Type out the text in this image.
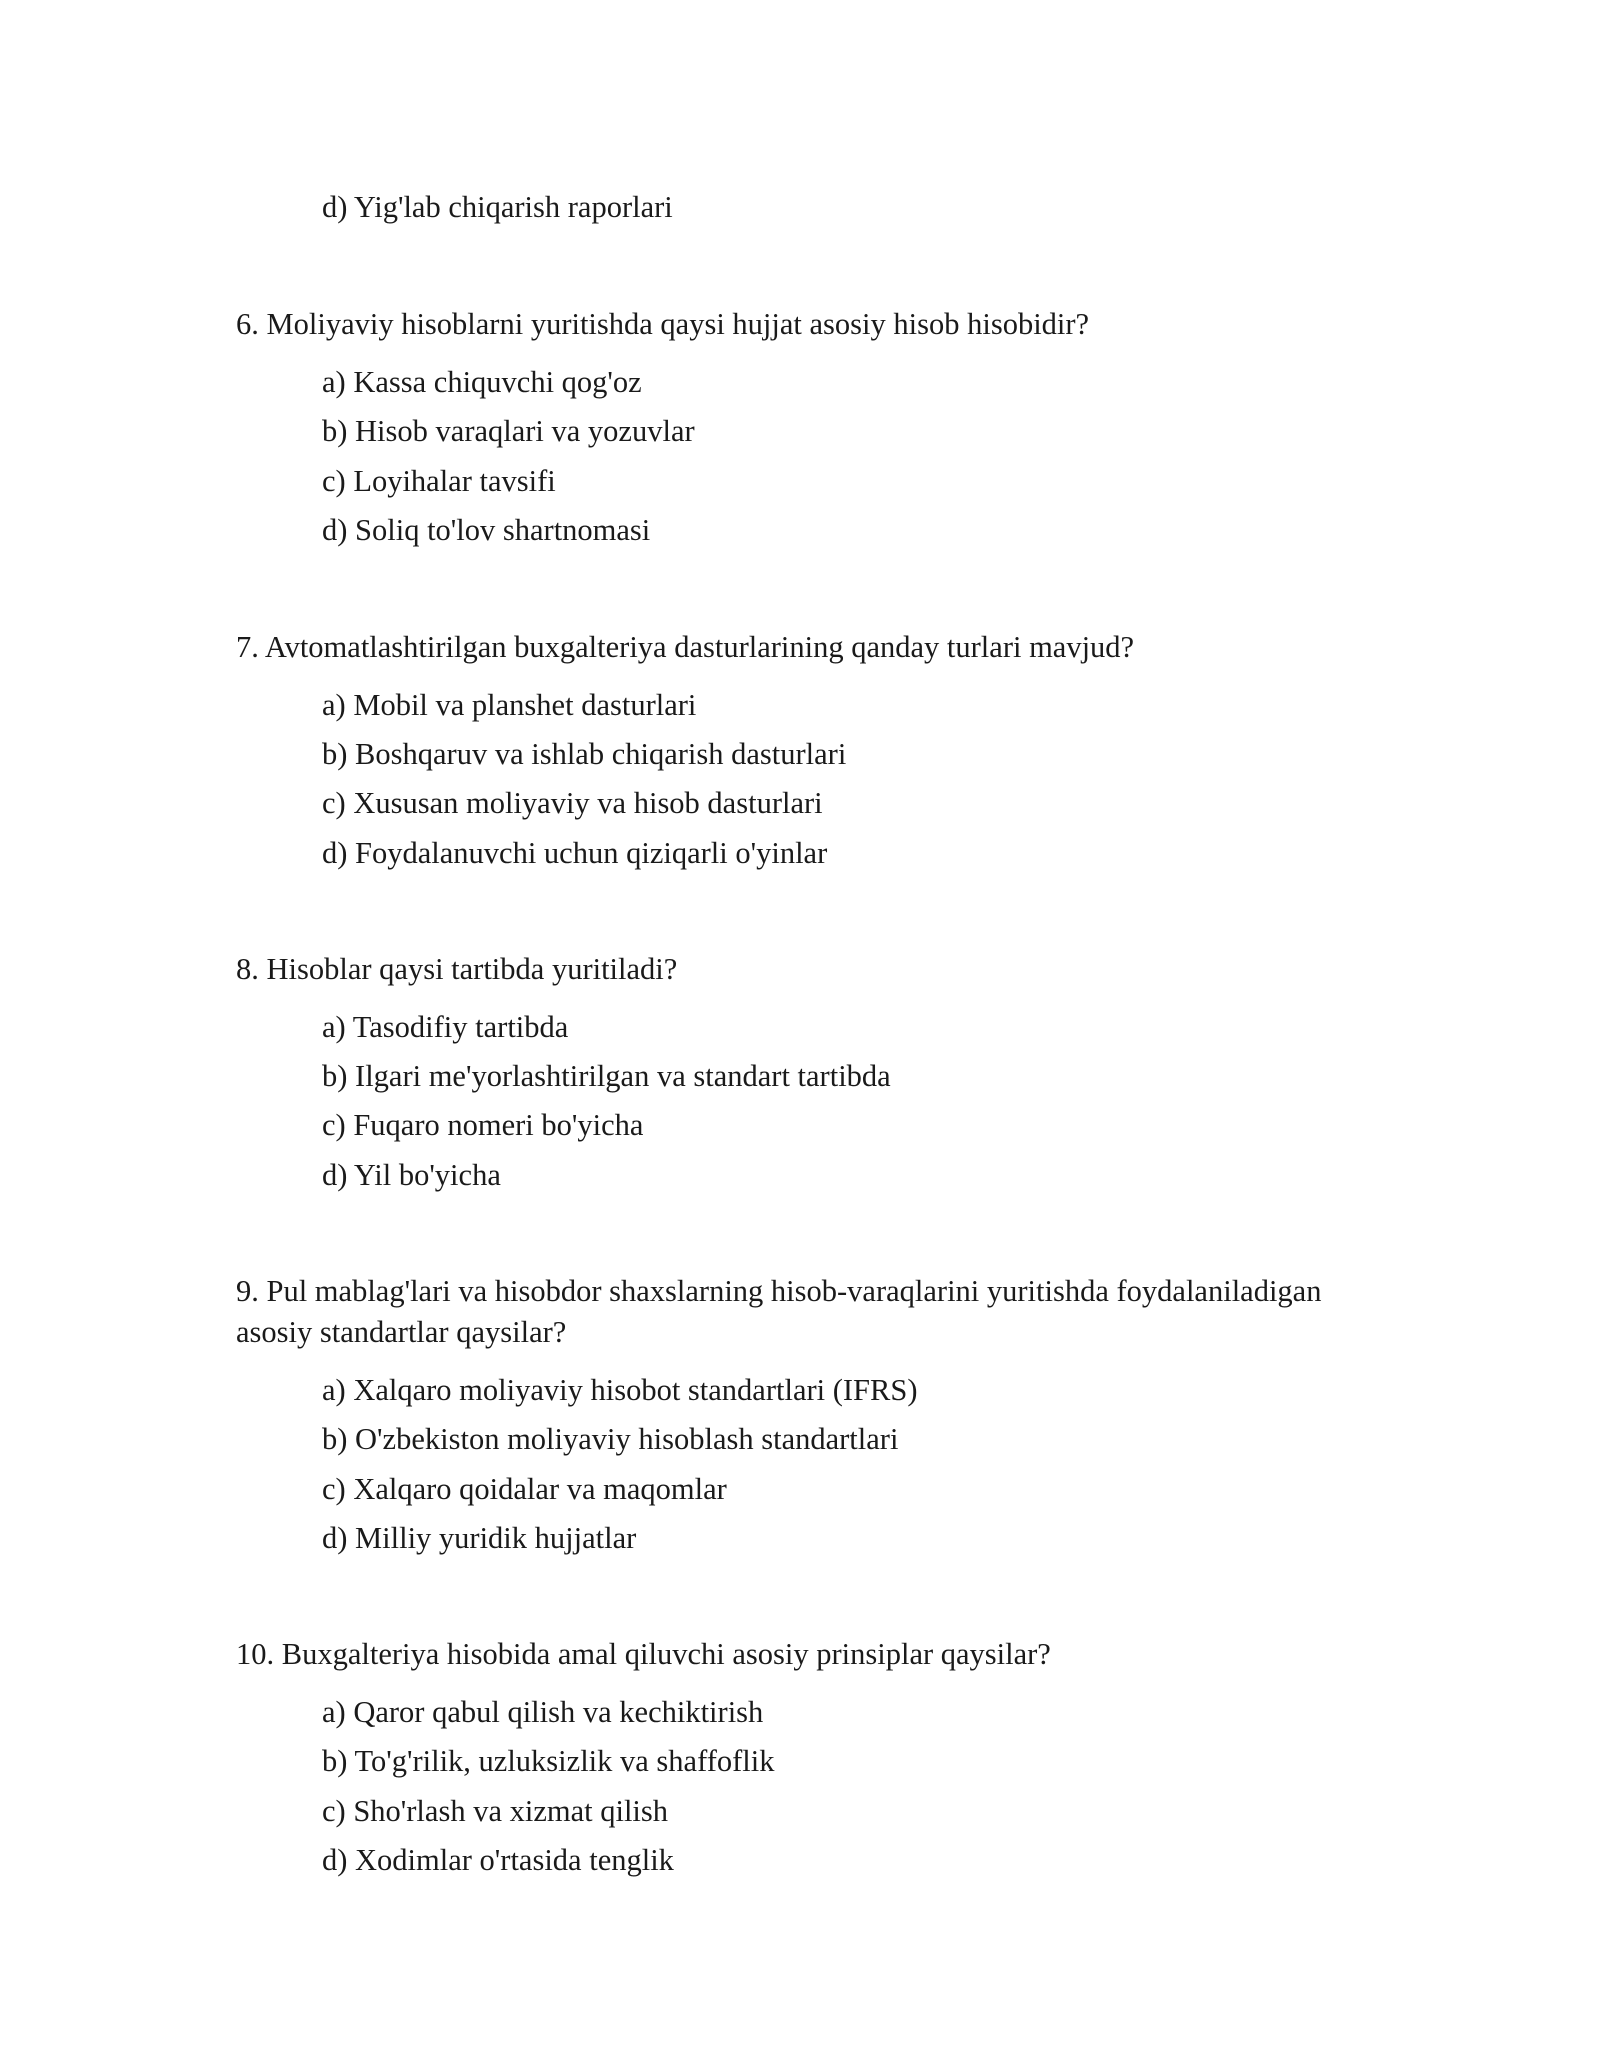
d) Yig'lab chiqarish raporlari
6. Moliyaviy hisoblarni yuritishda qaysi hujjat asosiy hisob hisobidir?
a) Kassa chiquvchi qog'oz
b) Hisob varaqlari va yozuvlar
c) Loyihalar tavsifi
d) Soliq to'lov shartnomasi
7. Avtomatlashtirilgan buxgalteriya dasturlarining qanday turlari mavjud?
a) Mobil va planshet dasturlari
b) Boshqaruv va ishlab chiqarish dasturlari
c) Xususan moliyaviy va hisob dasturlari
d) Foydalanuvchi uchun qiziqarli o'yinlar
8. Hisoblar qaysi tartibda yuritiladi?
a) Tasodifiy tartibda
b) Ilgari me'yorlashtirilgan va standart tartibda
c) Fuqaro nomeri bo'yicha
d) Yil bo'yicha
9. Pul mablag'lari va hisobdor shaxslarning hisob-varaqlarini yuritishda foydalaniladigan
asosiy standartlar qaysilar?
a) Xalqaro moliyaviy hisobot standartlari (IFRS)
b) O'zbekiston moliyaviy hisoblash standartlari
c) Xalqaro qoidalar va maqomlar
d) Milliy yuridik hujjatlar
10. Buxgalteriya hisobida amal qiluvchi asosiy prinsiplar qaysilar?
a) Qaror qabul qilish va kechiktirish
b) To'g'rilik, uzluksizlik va shaffoflik
c) Sho'rlash va xizmat qilish
d) Xodimlar o'rtasida tenglik
